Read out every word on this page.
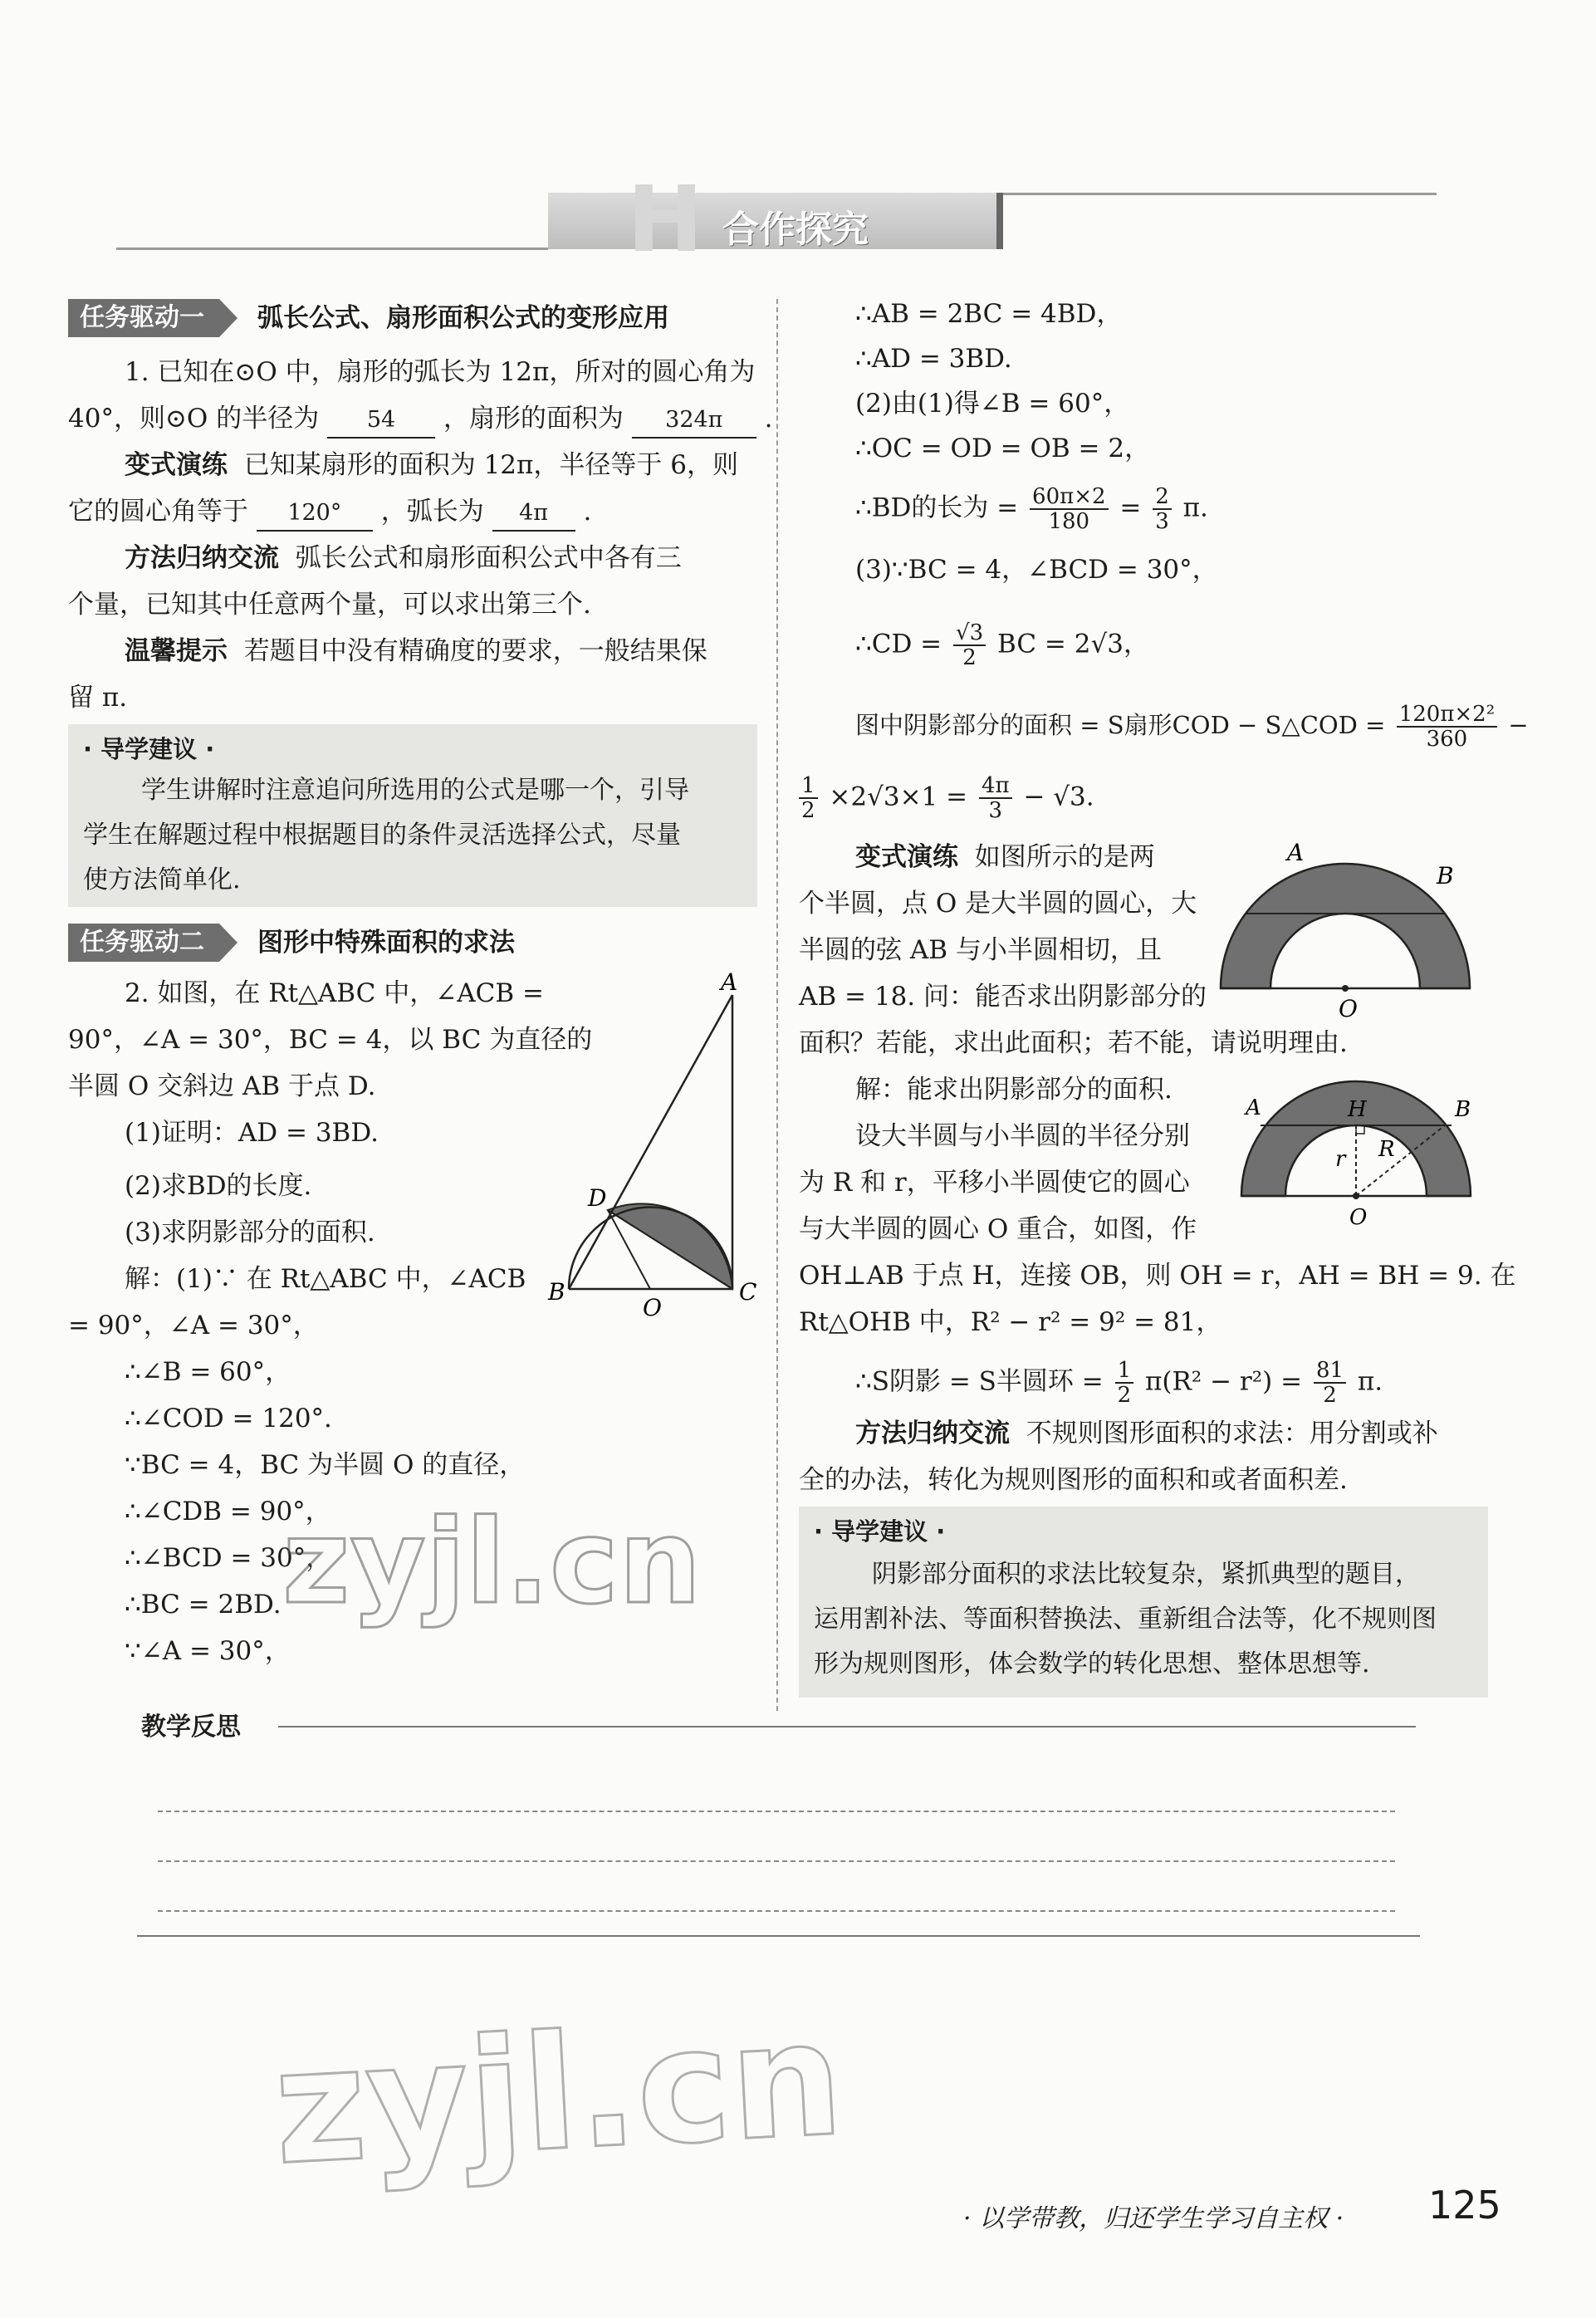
H 合作探究
任务驱动一	弧长公式、扇形面积公式的变形应用
1. 已知在⊙O 中，扇形的弧长为 12π，所对的圆心角为
40°，则⊙O 的半径为 54 ，扇形的面积为 324π .
变式演练 已知某扇形的面积为 12π，半径等于 6，则
它的圆心角等于 120° ，弧长为 4π .
方法归纳交流 弧长公式和扇形面积公式中各有三
个量，已知其中任意两个量，可以求出第三个.
温馨提示 若题目中没有精确度的要求，一般结果保
留 π.
· 导学建议 ·
学生讲解时注意追问所选用的公式是哪一个，引导
学生在解题过程中根据题目的条件灵活选择公式，尽量
使方法简单化.
任务驱动二	图形中特殊面积的求法
2. 如图，在 Rt△ABC 中，∠ACB =
90°，∠A = 30°，BC = 4，以 BC 为直径的
半圆 O 交斜边 AB 于点 D.
(1)证明：AD = 3BD.
(2)求BD的长度.
(3)求阴影部分的面积.
解：(1)∵ 在 Rt△ABC 中，∠ACB
= 90°，∠A = 30°，
∴∠B = 60°，
∴∠COD = 120°.
∵BC = 4，BC 为半圆 O 的直径，
∴∠CDB = 90°，
∴∠BCD = 30°，
∴BC = 2BD.
∵∠A = 30°，
A
B	C
D
O
∴AB = 2BC = 4BD，
∴AD = 3BD.
(2)由(1)得∠B = 60°，
∴OC = OD = OB = 2，
∴BD的长为 = $\frac{60\pi\times 2}{180} = \frac{2}{3} \pi$.
(3)∵BC = 4，∠BCD = 30°，
∴CD = $\frac{√3}{2}$ BC = 2√3，
图中阴影部分的面积 = S扇形COD − S△COD = $\frac{\text{120π×2²}}{360}$ −
$\frac{1}{2} \times 2√3\times 1 = \frac{4\pi}{3} - √3$.
变式演练 如图所示的是两
个半圆，点 O 是大半圆的圆心，大
半圆的弦 AB 与小半圆相切，且
AB = 18. 问：能否求出阴影部分的
面积？若能，求出此面积；若不能，请说明理由.
A
B
O
解：能求出阴影部分的面积.
设大半圆与小半圆的半径分别
为 R 和 r，平移小半圆使它的圆心
与大半圆的圆心 O 重合，如图，作
OH⊥AB 于点 H，连接 OB，则 OH = r，AH = BH = 9. 在
Rt△OHB 中，R² − r² = 9² = 81，
∴S阴影 = S半圆环 = $\frac{1}{2} \pi(R^2 - r^2) = \frac{81}{2} \pi$.
A	H	B
r R
O
方法归纳交流 不规则图形面积的求法：用分割或补
全的办法，转化为规则图形的面积和或者面积差.
· 导学建议 ·
阴影部分面积的求法比较复杂，紧抓典型的题目，
运用割补法、等面积替换法、重新组合法等，化不规则图
形为规则图形，体会数学的转化思想、整体思想等.
教学反思
zyjl.cn
zyjl.cn
· 以学带教，归还学生学习自主权 · 125
